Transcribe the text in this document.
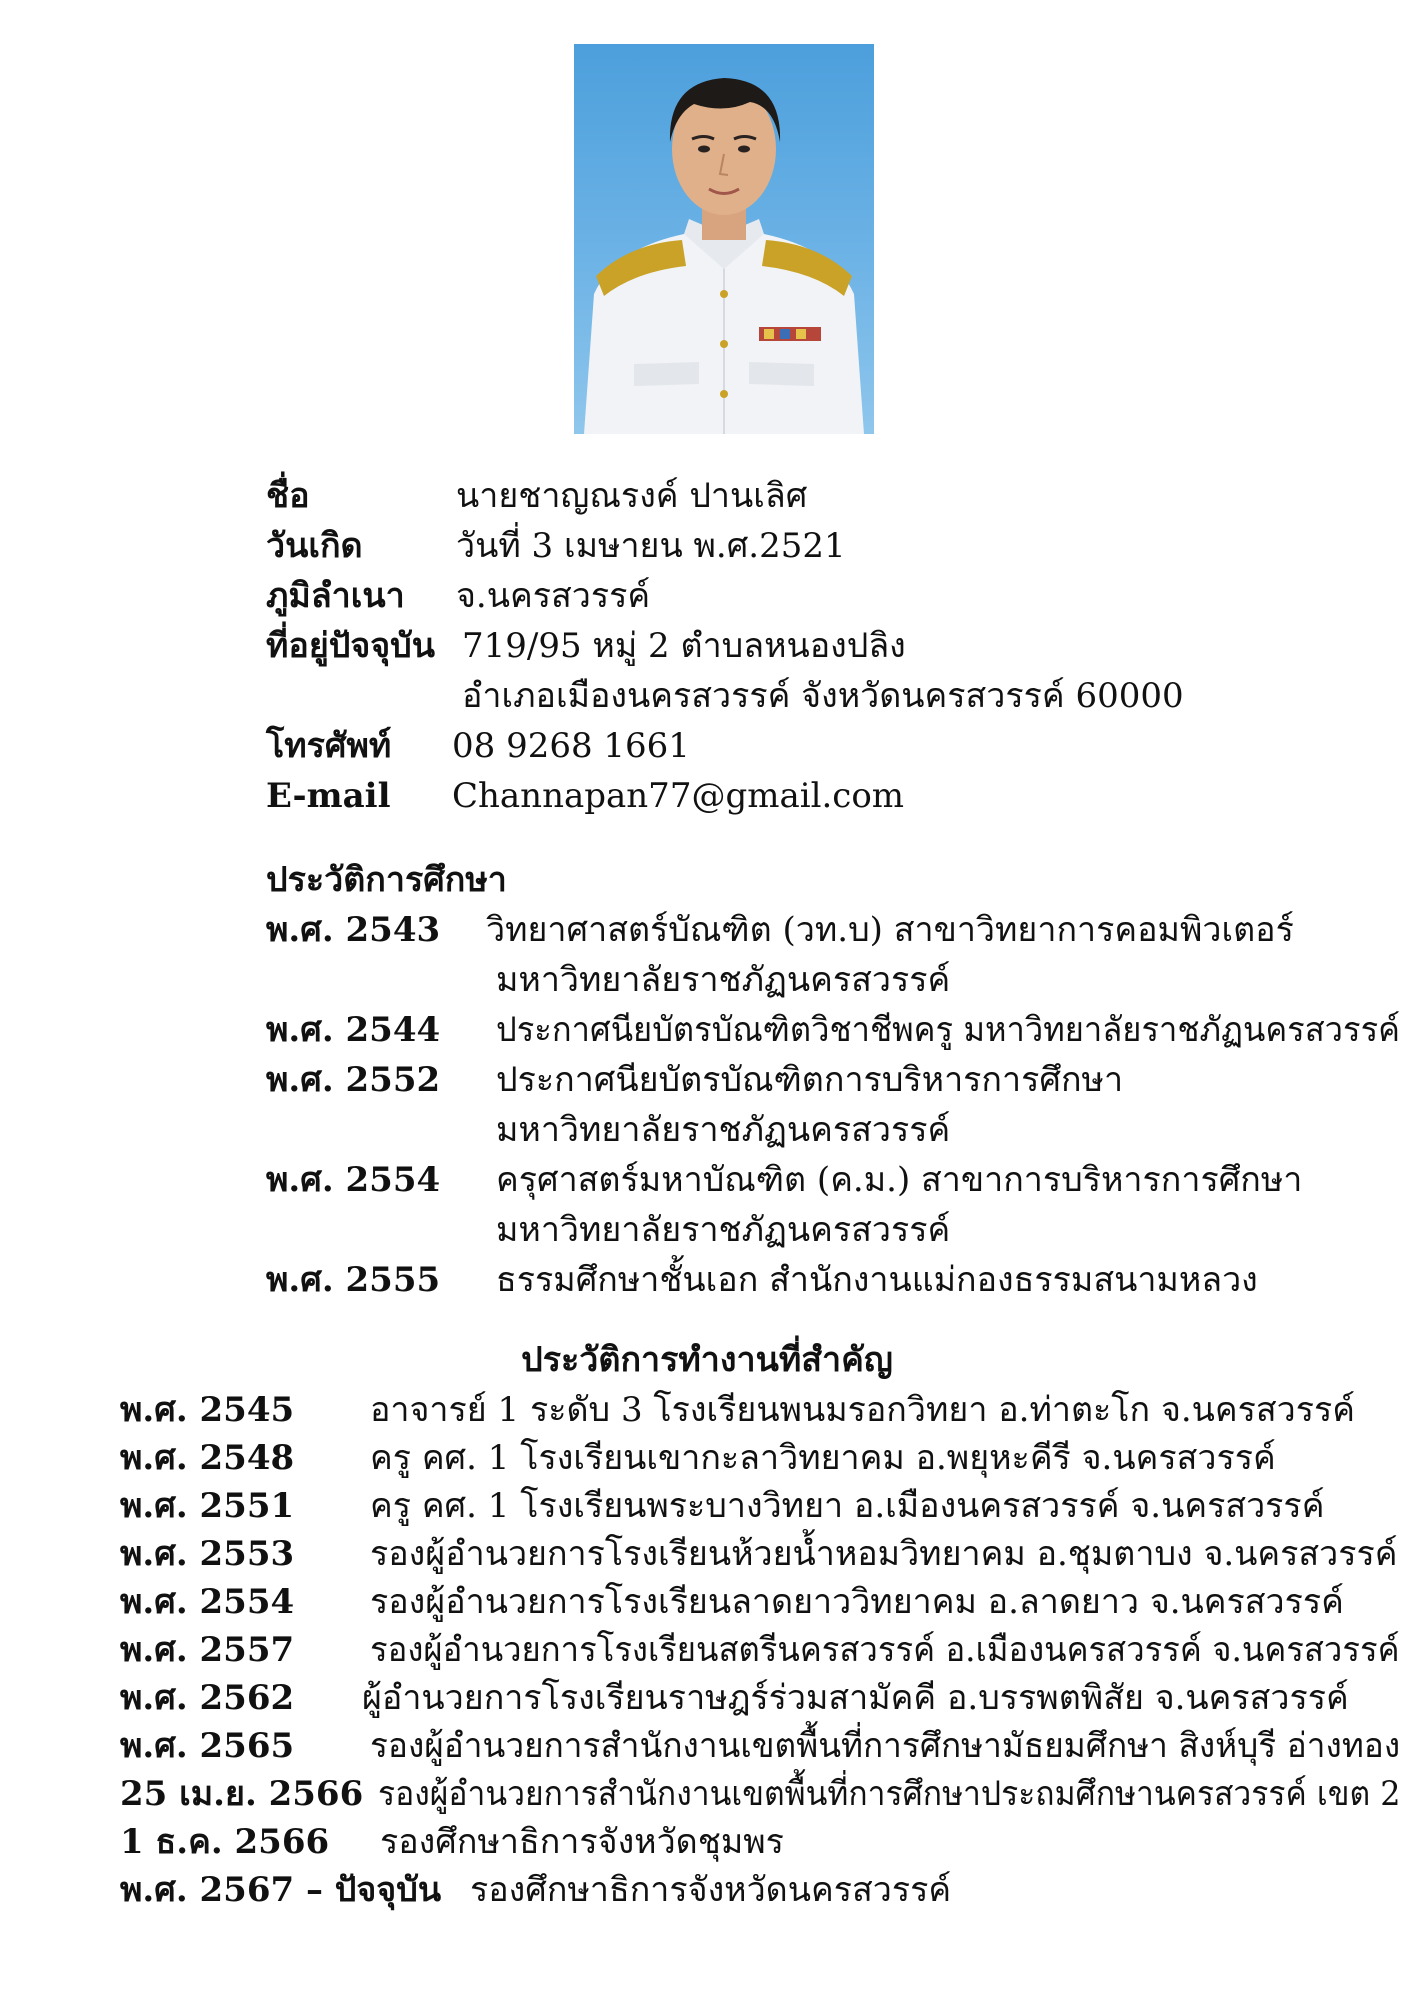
ชื่อ	นายชาญณรงค์ ปานเลิศ
วันเกิด	วันที่ 3 เมษายน พ.ศ.2521
ภูมิลำเนา จ.นครสวรรค์
ที่อยู่ปัจจุบัน 719/95 หมู่ 2 ตำบลหนองปลิง
อำเภอเมืองนครสวรรค์ จังหวัดนครสวรรค์ 60000
โทรศัพท์ 08 9268 1661
E-mail Channapan77@gmail.com
ประวัติการศึกษา
พ.ศ. 2543 วิทยาศาสตร์บัณฑิต (วท.บ) สาขาวิทยาการคอมพิวเตอร์
มหาวิทยาลัยราชภัฏนครสวรรค์
พ.ศ. 2544 ประกาศนียบัตรบัณฑิตวิชาชีพครู มหาวิทยาลัยราชภัฏนครสวรรค์
พ.ศ. 2552 ประกาศนียบัตรบัณฑิตการบริหารการศึกษา
มหาวิทยาลัยราชภัฏนครสวรรค์
พ.ศ. 2554 ครุศาสตร์มหาบัณฑิต (ค.ม.) สาขาการบริหารการศึกษา
มหาวิทยาลัยราชภัฏนครสวรรค์
พ.ศ. 2555 ธรรมศึกษาชั้นเอก สำนักงานแม่กองธรรมสนามหลวง
ประวัติการทำงานที่สำคัญ
พ.ศ. 2545 อาจารย์ 1 ระดับ 3 โรงเรียนพนมรอกวิทยา อ.ท่าตะโก จ.นครสวรรค์
พ.ศ. 2548 ครู คศ. 1 โรงเรียนเขากะลาวิทยาคม อ.พยุหะคีรี จ.นครสวรรค์
พ.ศ. 2551 ครู คศ. 1 โรงเรียนพระบางวิทยา อ.เมืองนครสวรรค์ จ.นครสวรรค์
พ.ศ. 2553 รองผู้อำนวยการโรงเรียนห้วยน้ำหอมวิทยาคม อ.ชุมตาบง จ.นครสวรรค์
พ.ศ. 2554 รองผู้อำนวยการโรงเรียนลาดยาววิทยาคม อ.ลาดยาว จ.นครสวรรค์
พ.ศ. 2557 รองผู้อำนวยการโรงเรียนสตรีนครสวรรค์ อ.เมืองนครสวรรค์ จ.นครสวรรค์
พ.ศ. 2562 ผู้อำนวยการโรงเรียนราษฎร์ร่วมสามัคคี อ.บรรพตพิสัย จ.นครสวรรค์
พ.ศ. 2565 รองผู้อำนวยการสำนักงานเขตพื้นที่การศึกษามัธยมศึกษา สิงห์บุรี อ่างทอง
25 เม.ย. 2566 รองผู้อำนวยการสำนักงานเขตพื้นที่การศึกษาประถมศึกษานครสวรรค์ เขต 2
1 ธ.ค. 2566 รองศึกษาธิการจังหวัดชุมพร
พ.ศ. 2567 – ปัจจุบัน รองศึกษาธิการจังหวัดนครสวรรค์
